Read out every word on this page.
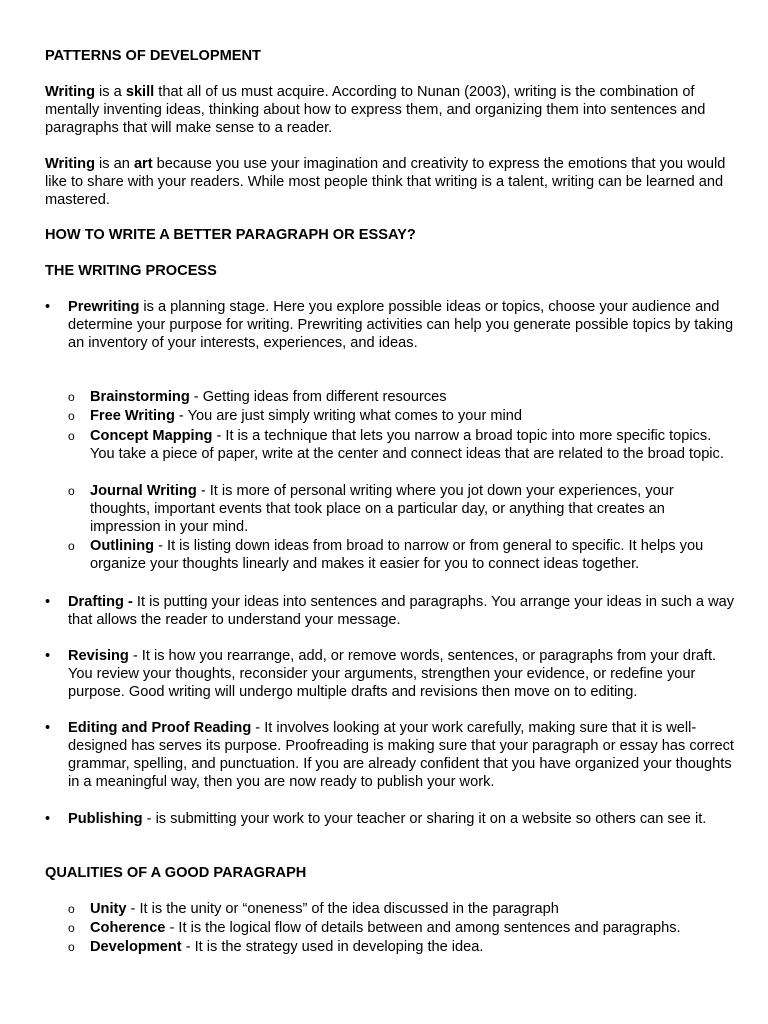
PATTERNS OF DEVELOPMENT
Writing is a skill that all of us must acquire. According to Nunan (2003), writing is the combination of mentally inventing ideas, thinking about how to express them, and organizing them into sentences and paragraphs that will make sense to a reader.
Writing is an art because you use your imagination and creativity to express the emotions that you would like to share with your readers. While most people think that writing is a talent, writing can be learned and mastered.
HOW TO WRITE A BETTER PARAGRAPH OR ESSAY?
THE WRITING PROCESS
• Prewriting is a planning stage. Here you explore possible ideas or topics, choose your audience and determine your purpose for writing. Prewriting activities can help you generate possible topics by taking an inventory of your interests, experiences, and ideas.
o Brainstorming - Getting ideas from different resources
o Free Writing - You are just simply writing what comes to your mind
o Concept Mapping - It is a technique that lets you narrow a broad topic into more specific topics. You take a piece of paper, write at the center and connect ideas that are related to the broad topic.
o Journal Writing - It is more of personal writing where you jot down your experiences, your thoughts, important events that took place on a particular day, or anything that creates an impression in your mind.
o Outlining - It is listing down ideas from broad to narrow or from general to specific. It helps you organize your thoughts linearly and makes it easier for you to connect ideas together.
• Drafting - It is putting your ideas into sentences and paragraphs. You arrange your ideas in such a way that allows the reader to understand your message.
• Revising - It is how you rearrange, add, or remove words, sentences, or paragraphs from your draft. You review your thoughts, reconsider your arguments, strengthen your evidence, or redefine your purpose. Good writing will undergo multiple drafts and revisions then move on to editing.
• Editing and Proof Reading - It involves looking at your work carefully, making sure that it is well-designed has serves its purpose. Proofreading is making sure that your paragraph or essay has correct grammar, spelling, and punctuation. If you are already confident that you have organized your thoughts in a meaningful way, then you are now ready to publish your work.
• Publishing - is submitting your work to your teacher or sharing it on a website so others can see it.
QUALITIES OF A GOOD PARAGRAPH
o Unity - It is the unity or “oneness” of the idea discussed in the paragraph
o Coherence - It is the logical flow of details between and among sentences and paragraphs.
o Development - It is the strategy used in developing the idea.
